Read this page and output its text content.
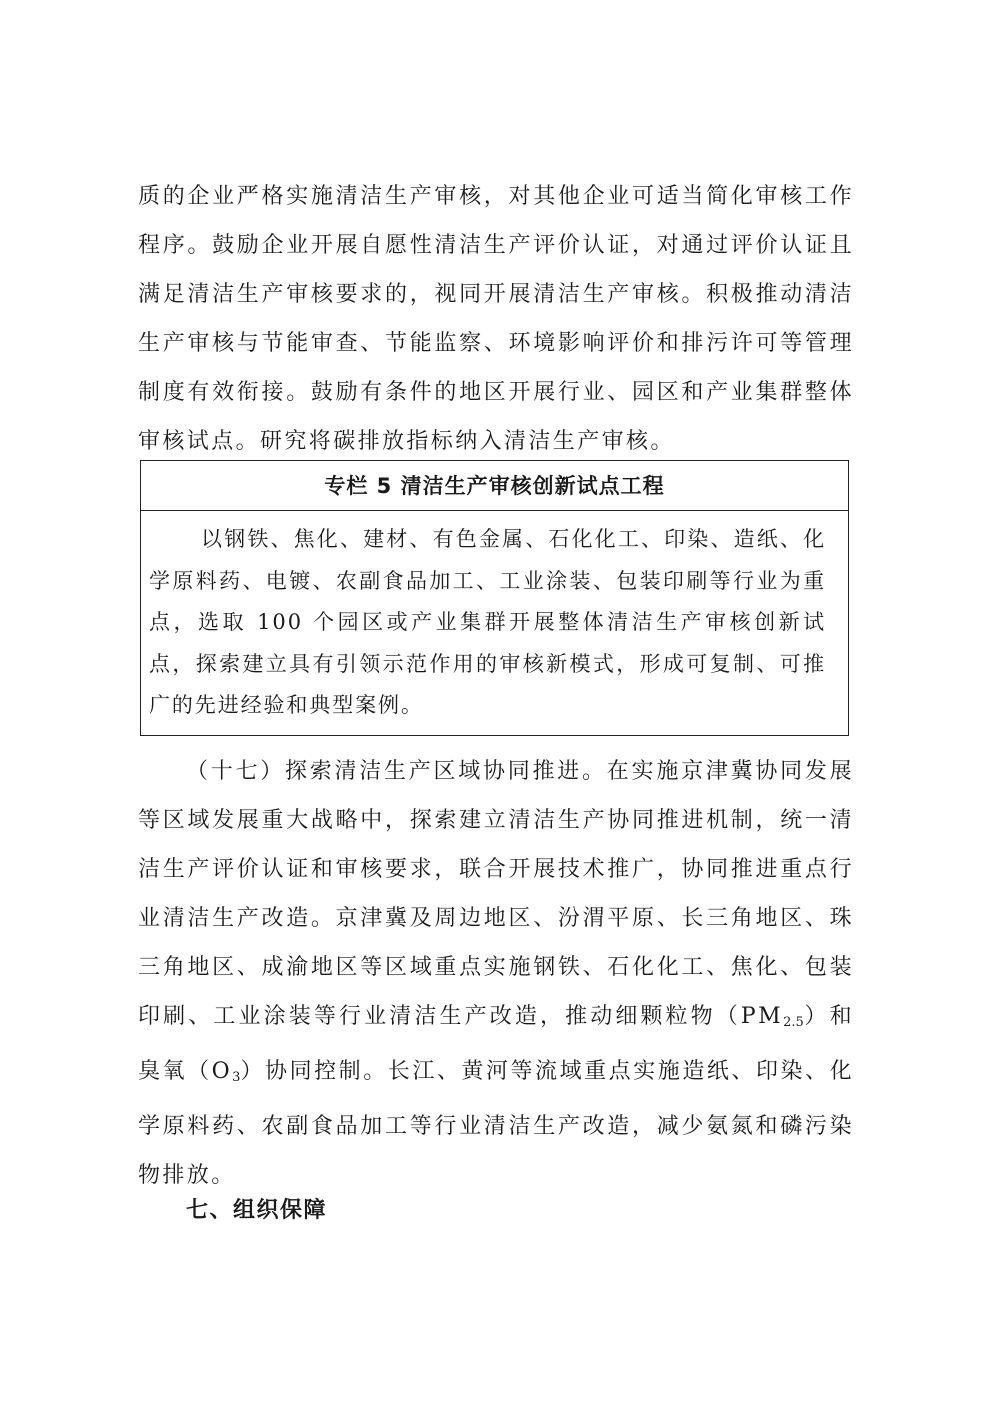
质的企业严格实施清洁生产审核，对其他企业可适当简化审核工作程序。鼓励企业开展自愿性清洁生产评价认证，对通过评价认证且满足清洁生产审核要求的，视同开展清洁生产审核。积极推动清洁生产审核与节能审查、节能监察、环境影响评价和排污许可等管理制度有效衔接。鼓励有条件的地区开展行业、园区和产业集群整体审核试点。研究将碳排放指标纳入清洁生产审核。
专栏 5 清洁生产审核创新试点工程
以钢铁、焦化、建材、有色金属、石化化工、印染、造纸、化学原料药、电镀、农副食品加工、工业涂装、包装印刷等行业为重点，选取 100 个园区或产业集群开展整体清洁生产审核创新试点，探索建立具有引领示范作用的审核新模式，形成可复制、可推广的先进经验和典型案例。
（十七）探索清洁生产区域协同推进。在实施京津冀协同发展等区域发展重大战略中，探索建立清洁生产协同推进机制，统一清洁生产评价认证和审核要求，联合开展技术推广，协同推进重点行业清洁生产改造。京津冀及周边地区、汾渭平原、长三角地区、珠三角地区、成渝地区等区域重点实施钢铁、石化化工、焦化、包装印刷、工业涂装等行业清洁生产改造，推动细颗粒物$(PM_{2.5})$和臭氧$(O_3)$协同控制。长江、黄河等流域重点实施造纸、印染、化学原料药、农副食品加工等行业清洁生产改造，减少氨氮和磷污染物排放。
七、组织保障
